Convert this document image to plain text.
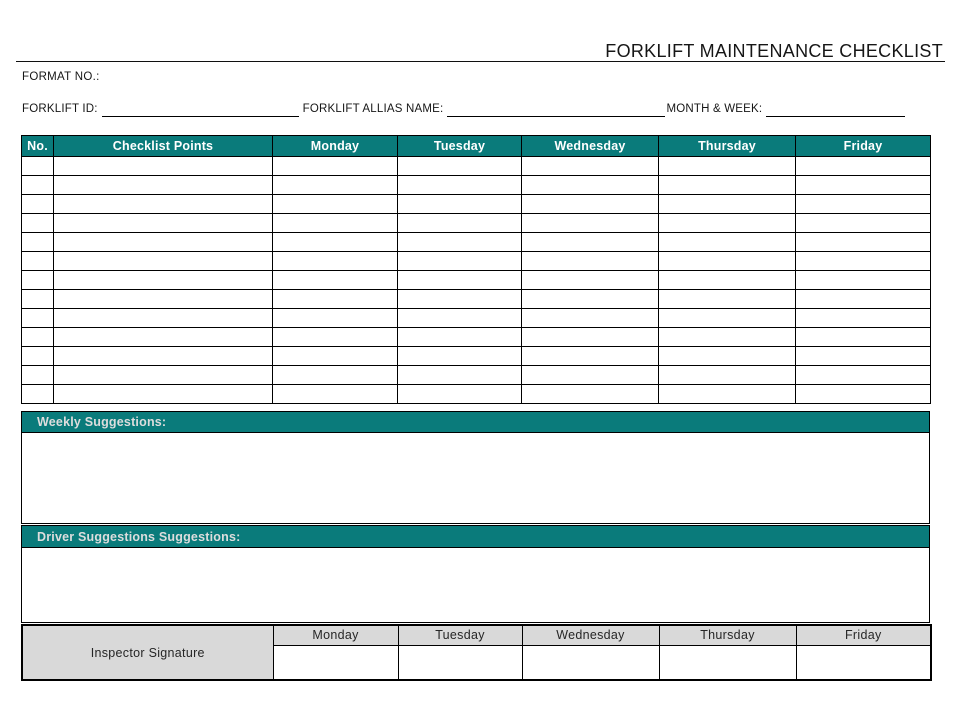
FORKLIFT MAINTENANCE CHECKLIST
FORMAT NO.:
FORKLIFT ID:	FORKLIFT ALLIAS NAME:	MONTH & WEEK:
No.	Checklist Points	Monday	Tuesday	Wednesday	Thursday	Friday

Weekly Suggestions:
Driver Suggestions Suggestions:
Inspector Signature	Monday	Tuesday	Wednesday	Thursday	Friday
